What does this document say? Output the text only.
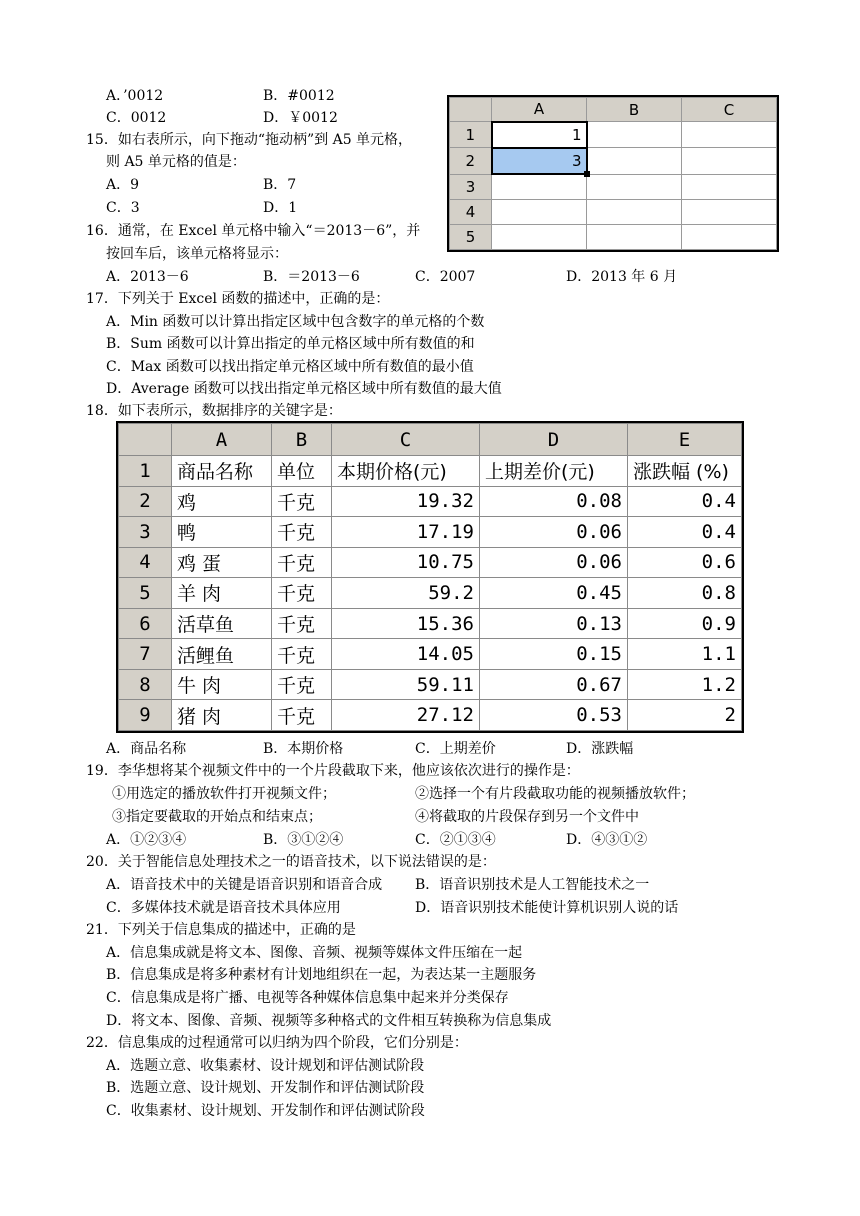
A．’0012	B．#0012
C．0012	D．￥0012
15．如右表所示，向下拖动“拖动柄”到 A5 单元格，
则 A5 单元格的值是：
A．9	B．7
C．3	D．1
	A	B	C
1	1		
2	3

3			
4			
5			
16．通常，在 Excel 单元格中输入“＝2013－6”，并
按回车后，该单元格将显示：
A．2013－6	B．＝2013－6	C．2007	D．2013 年 6 月
17．下列关于 Excel 函数的描述中，正确的是：
A．Min 函数可以计算出指定区域中包含数字的单元格的个数
B．Sum 函数可以计算出指定的单元格区域中所有数值的和
C．Max 函数可以找出指定单元格区域中所有数值的最小值
D．Average 函数可以找出指定单元格区域中所有数值的最大值
18．如下表所示，数据排序的关键字是：
	A	B	C	D	E
1	商品名称	单位	本期价格(元)	上期差价(元)	涨跌幅 (%)
2	鸡	千克	19.32	0.08	0.4
3	鸭	千克	17.19	0.06	0.4
4	鸡 蛋	千克	10.75	0.06	0.6
5	羊 肉	千克	59.2	0.45	0.8
6	活草鱼	千克	15.36	0.13	0.9
7	活鲤鱼	千克	14.05	0.15	1.1
8	牛 肉	千克	59.11	0.67	1.2
9	猪 肉	千克	27.12	0.53	2
A．商品名称	B．本期价格	C．上期差价	D．涨跌幅
19．李华想将某个视频文件中的一个片段截取下来，他应该依次进行的操作是：
①用选定的播放软件打开视频文件；	②选择一个有片段截取功能的视频播放软件；
③指定要截取的开始点和结束点；	④将截取的片段保存到另一个文件中
A．①②③④	B．③①②④	C．②①③④	D．④③①②
20．关于智能信息处理技术之一的语音技术，以下说法错误的是：
A．语音技术中的关键是语音识别和语音合成 B．语音识别技术是人工智能技术之一
C．多媒体技术就是语音技术具体应用	D．语音识别技术能使计算机识别人说的话
21．下列关于信息集成的描述中，正确的是
A．信息集成就是将文本、图像、音频、视频等媒体文件压缩在一起
B．信息集成是将多种素材有计划地组织在一起，为表达某一主题服务
C．信息集成是将广播、电视等各种媒体信息集中起来并分类保存
D．将文本、图像、音频、视频等多种格式的文件相互转换称为信息集成
22．信息集成的过程通常可以归纳为四个阶段，它们分别是：
A．选题立意、收集素材、设计规划和评估测试阶段
B．选题立意、设计规划、开发制作和评估测试阶段
C．收集素材、设计规划、开发制作和评估测试阶段
